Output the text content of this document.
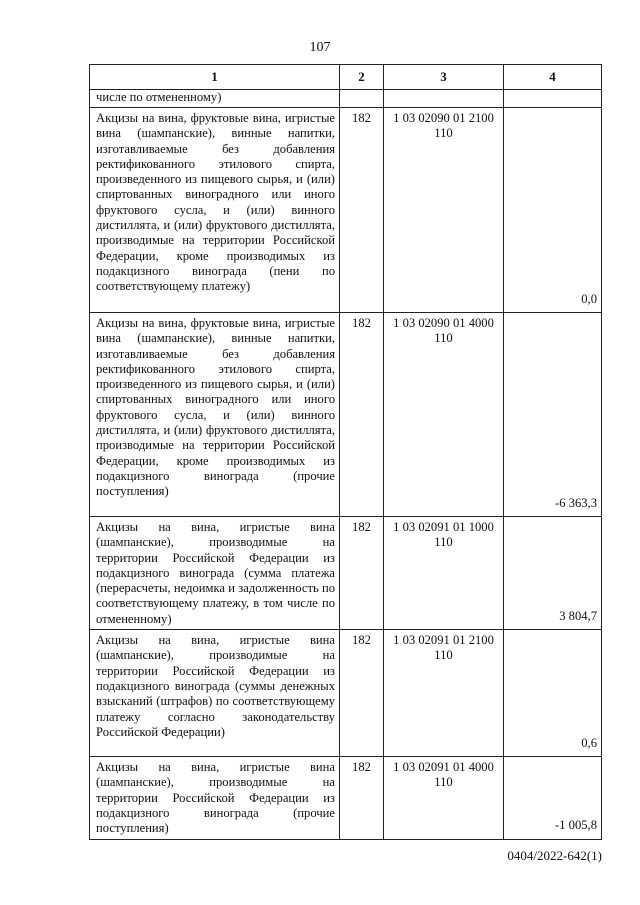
107
1	2	3	4
числе по отмененному)			
Акцизы на вина, фруктовые вина, игристые вина (шампанские), винные напитки, изготавливаемые без добавления ректификованного этилового спирта, произведенного из пищевого сырья, и (или) спиртованных виноградного или иного фруктового сусла, и (или) винного дистиллята, и (или) фруктового дистиллята, производимые на территории Российской Федерации, кроме производимых из подакцизного винограда (пени по соответствующему платежу)	182	1 03 02090 01 2100 110	0,0
Акцизы на вина, фруктовые вина, игристые вина (шампанские), винные напитки, изготавливаемые без добавления ректификованного этилового спирта, произведенного из пищевого сырья, и (или) спиртованных виноградного или иного фруктового сусла, и (или) винного дистиллята, и (или) фруктового дистиллята, производимые на территории Российской Федерации, кроме производимых из подакцизного винограда (прочие поступления)	182	1 03 02090 01 4000 110	-6 363,3
Акцизы на вина, игристые вина (шампанские), производимые на территории Российской Федерации из подакцизного винограда (сумма платежа (перерасчеты, недоимка и задолженность по соответствующему платежу, в том числе по отмененному)	182	1 03 02091 01 1000 110	3 804,7
Акцизы на вина, игристые вина (шампанские), производимые на территории Российской Федерации из подакцизного винограда (суммы денежных взысканий (штрафов) по соответствующему платежу согласно законодательству Российской Федерации)	182	1 03 02091 01 2100 110	0,6
Акцизы на вина, игристые вина (шампанские), производимые на территории Российской Федерации из подакцизного винограда (прочие поступления)	182	1 03 02091 01 4000 110	-1 005,8
0404/2022-642(1)
